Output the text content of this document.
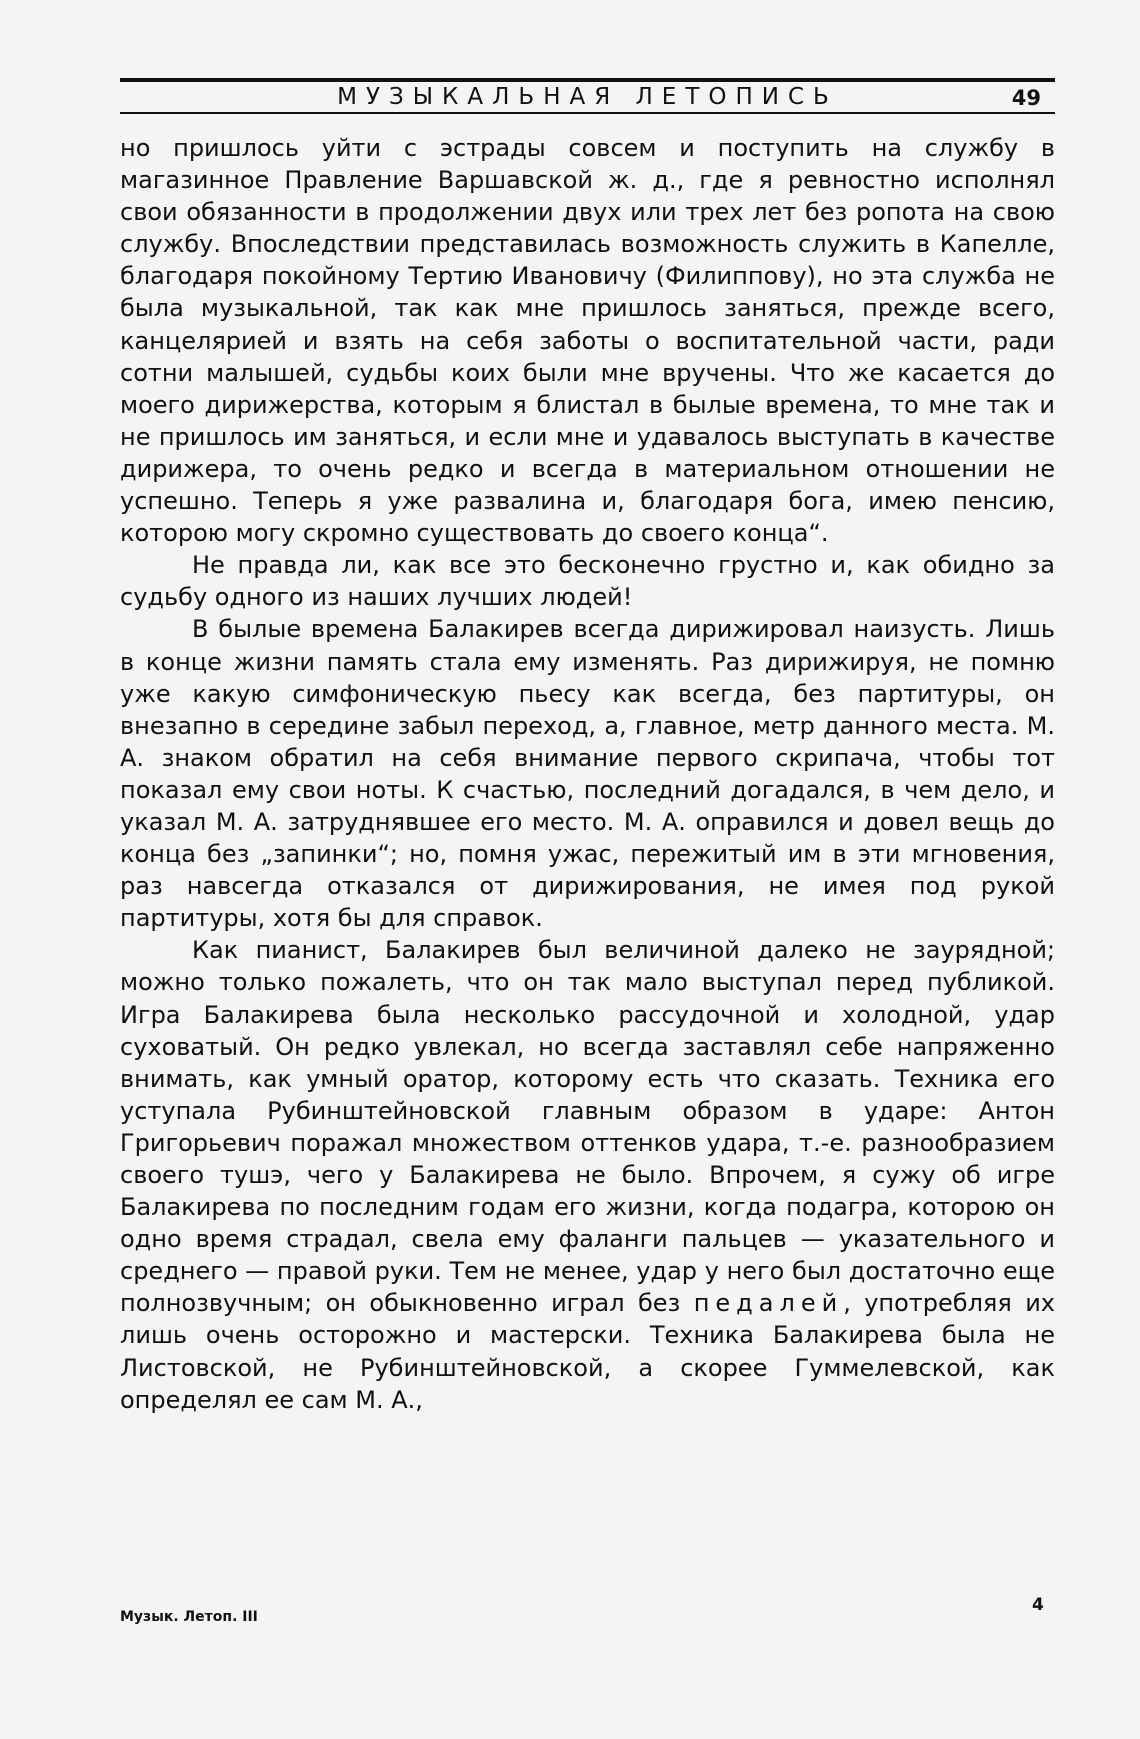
МУЗЫКАЛЬНАЯ ЛЕТОПИСЬ	49

но пришлось уйти с эстрады совсем и поступить на службу в магазинное Правление Варшавской ж. д., где я ревностно исполнял свои обязанности в продолжении двух или трех лет без ропота на свою службу. Впоследствии представилась возможность служить в Капелле, благодаря покойному Тертию Ивановичу (Филиппову), но эта служба не была музыкальной, так как мне пришлось заняться, прежде всего, канцелярией и взять на себя заботы о воспитательной части, ради сотни малышей, судьбы коих были мне вручены. Что же касается до моего дирижерства, которым я блистал в былые времена, то мне так и не пришлось им заняться, и если мне и удавалось выступать в качестве дирижера, то очень редко и всегда в материальном отношении не успешно. Теперь я уже развалина и, благодаря бога, имею пенсию, которою могу скромно существовать до своего конца“.

Не правда ли, как все это бесконечно грустно и, как обидно за судьбу одного из наших лучших людей!

В былые времена Балакирев всегда дирижировал наизусть. Лишь в конце жизни память стала ему изменять. Раз дирижируя, не помню уже какую симфоническую пьесу как всегда, без партитуры, он внезапно в середине забыл переход, а, главное, метр данного места. М. А. знаком обратил на себя внимание первого скрипача, чтобы тот показал ему свои ноты. К счастью, последний догадался, в чем дело, и указал М. А. затруднявшее его место. М. А. оправился и довел вещь до конца без „запинки“; но, помня ужас, пережитый им в эти мгновения, раз навсегда отказался от дирижирования, не имея под рукой партитуры, хотя бы для справок.

Как пианист, Балакирев был величиной далеко не заурядной; можно только пожалеть, что он так мало выступал перед публикой. Игра Балакирева была несколько рассудочной и холодной, удар суховатый. Он редко увлекал, но всегда заставлял себе напряженно внимать, как умный оратор, которому есть что сказать. Техника его уступала Рубинштейновской главным образом в ударе: Антон Григорьевич поражал множеством оттенков удара, т.-е. разнообразием своего тушэ, чего у Балакирева не было. Впрочем, я сужу об игре Балакирева по последним годам его жизни, когда подагра, которою он одно время страдал, свела ему фаланги пальцев — указательного и среднего — правой руки. Тем не менее, удар у него был достаточно еще полнозвучным; он обыкновенно играл без педалей, употребляя их лишь очень осторожно и мастерски. Техника Балакирева была не Листовской, не Рубинштейновской, а скорее Гуммелевской, как определял ее сам М. А.,

Музык. Летоп. III
4
